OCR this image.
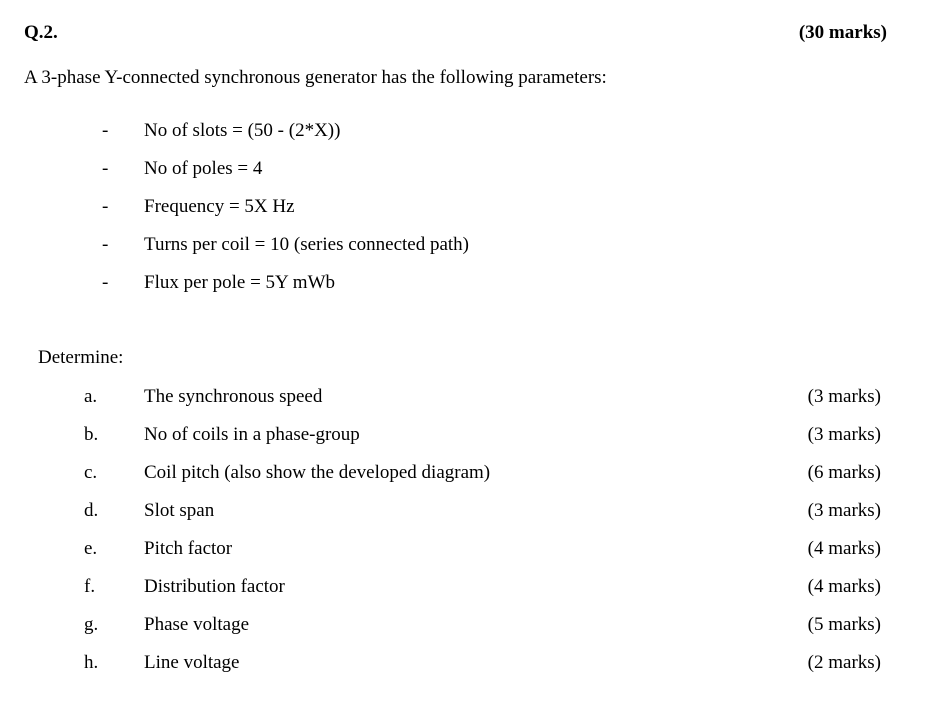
Q.2.	(30 marks)
A 3-phase Y-connected synchronous generator has the following parameters:
- No of slots = (50 - (2*X))
- No of poles = 4
- Frequency = 5X Hz
- Turns per coil = 10 (series connected path)
- Flux per pole = 5Y mWb
Determine:
a. The synchronous speed	(3 marks)
b. No of coils in a phase-group	(3 marks)
c. Coil pitch (also show the developed diagram)	(6 marks)
d. Slot span	(3 marks)
e. Pitch factor	(4 marks)
f.	Distribution factor	(4 marks)
g. Phase voltage	(5 marks)
h. Line voltage	(2 marks)
